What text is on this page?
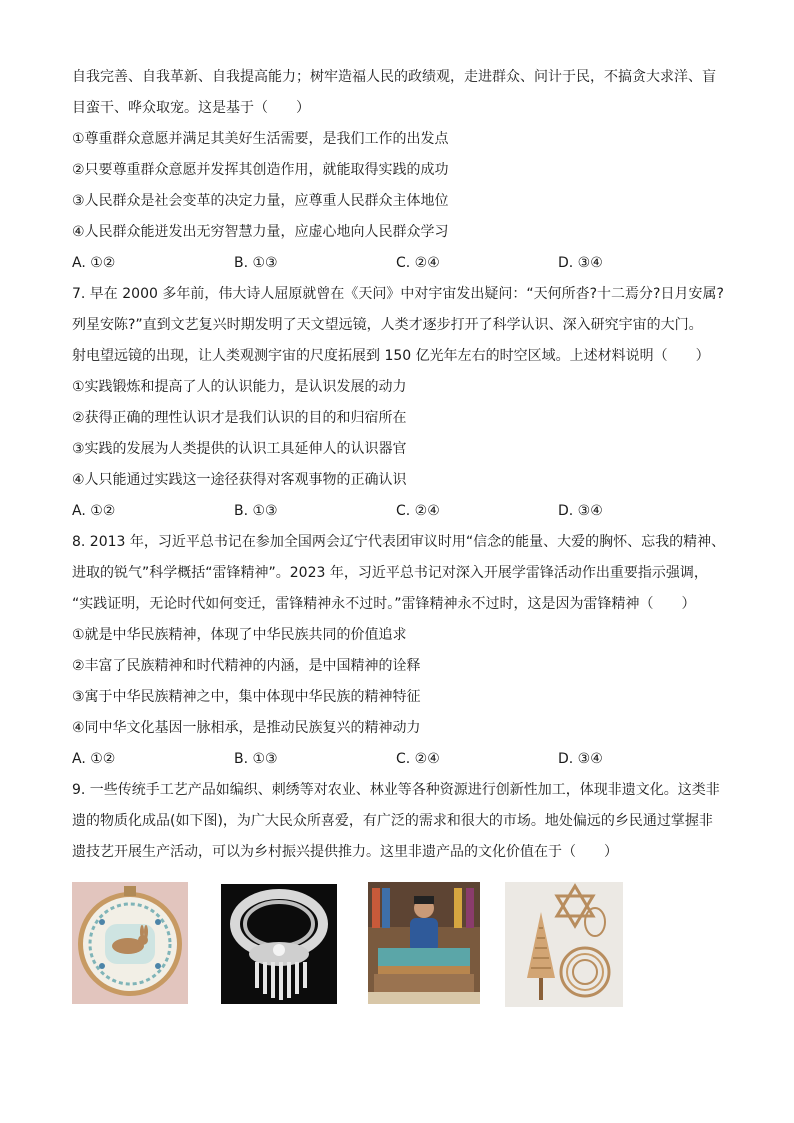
自我完善、自我革新、自我提高能力；树牢造福人民的政绩观，走进群众、问计于民，不搞贪大求洋、盲
目蛮干、哗众取宠。这是基于（　　）
①尊重群众意愿并满足其美好生活需要，是我们工作的出发点
②只要尊重群众意愿并发挥其创造作用，就能取得实践的成功
③人民群众是社会变革的决定力量，应尊重人民群众主体地位
④人民群众能迸发出无穷智慧力量，应虚心地向人民群众学习
A. ①②	B. ①③	C. ②④	D. ③④
7. 早在 2000 多年前，伟大诗人屈原就曾在《天问》中对宇宙发出疑问：“天何所沓?十二焉分?日月安属?
列星安陈?”直到文艺复兴时期发明了天文望远镜，人类才逐步打开了科学认识、深入研究宇宙的大门。
射电望远镜的出现，让人类观测宇宙的尺度拓展到 150 亿光年左右的时空区域。上述材料说明（　　）
①实践锻炼和提高了人的认识能力，是认识发展的动力
②获得正确的理性认识才是我们认识的目的和归宿所在
③实践的发展为人类提供的认识工具延伸人的认识器官
④人只能通过实践这一途径获得对客观事物的正确认识
A. ①②	B. ①③	C. ②④	D. ③④
8. 2013 年，习近平总书记在参加全国两会辽宁代表团审议时用“信念的能量、大爱的胸怀、忘我的精神、
进取的锐气”科学概括“雷锋精神”。2023 年，习近平总书记对深入开展学雷锋活动作出重要指示强调，
“实践证明，无论时代如何变迁，雷锋精神永不过时。”雷锋精神永不过时，这是因为雷锋精神（　　）
①就是中华民族精神，体现了中华民族共同的价值追求
②丰富了民族精神和时代精神的内涵，是中国精神的诠释
③寓于中华民族精神之中，集中体现中华民族的精神特征
④同中华文化基因一脉相承，是推动民族复兴的精神动力
A. ①②	B. ①③	C. ②④	D. ③④
9. 一些传统手工艺产品如编织、刺绣等对农业、林业等各种资源进行创新性加工，体现非遗文化。这类非
遗的物质化成品(如下图)，为广大民众所喜爱，有广泛的需求和很大的市场。地处偏远的乡民通过掌握非
遗技艺开展生产活动，可以为乡村振兴提供推力。这里非遗产品的文化价值在于（　　）
